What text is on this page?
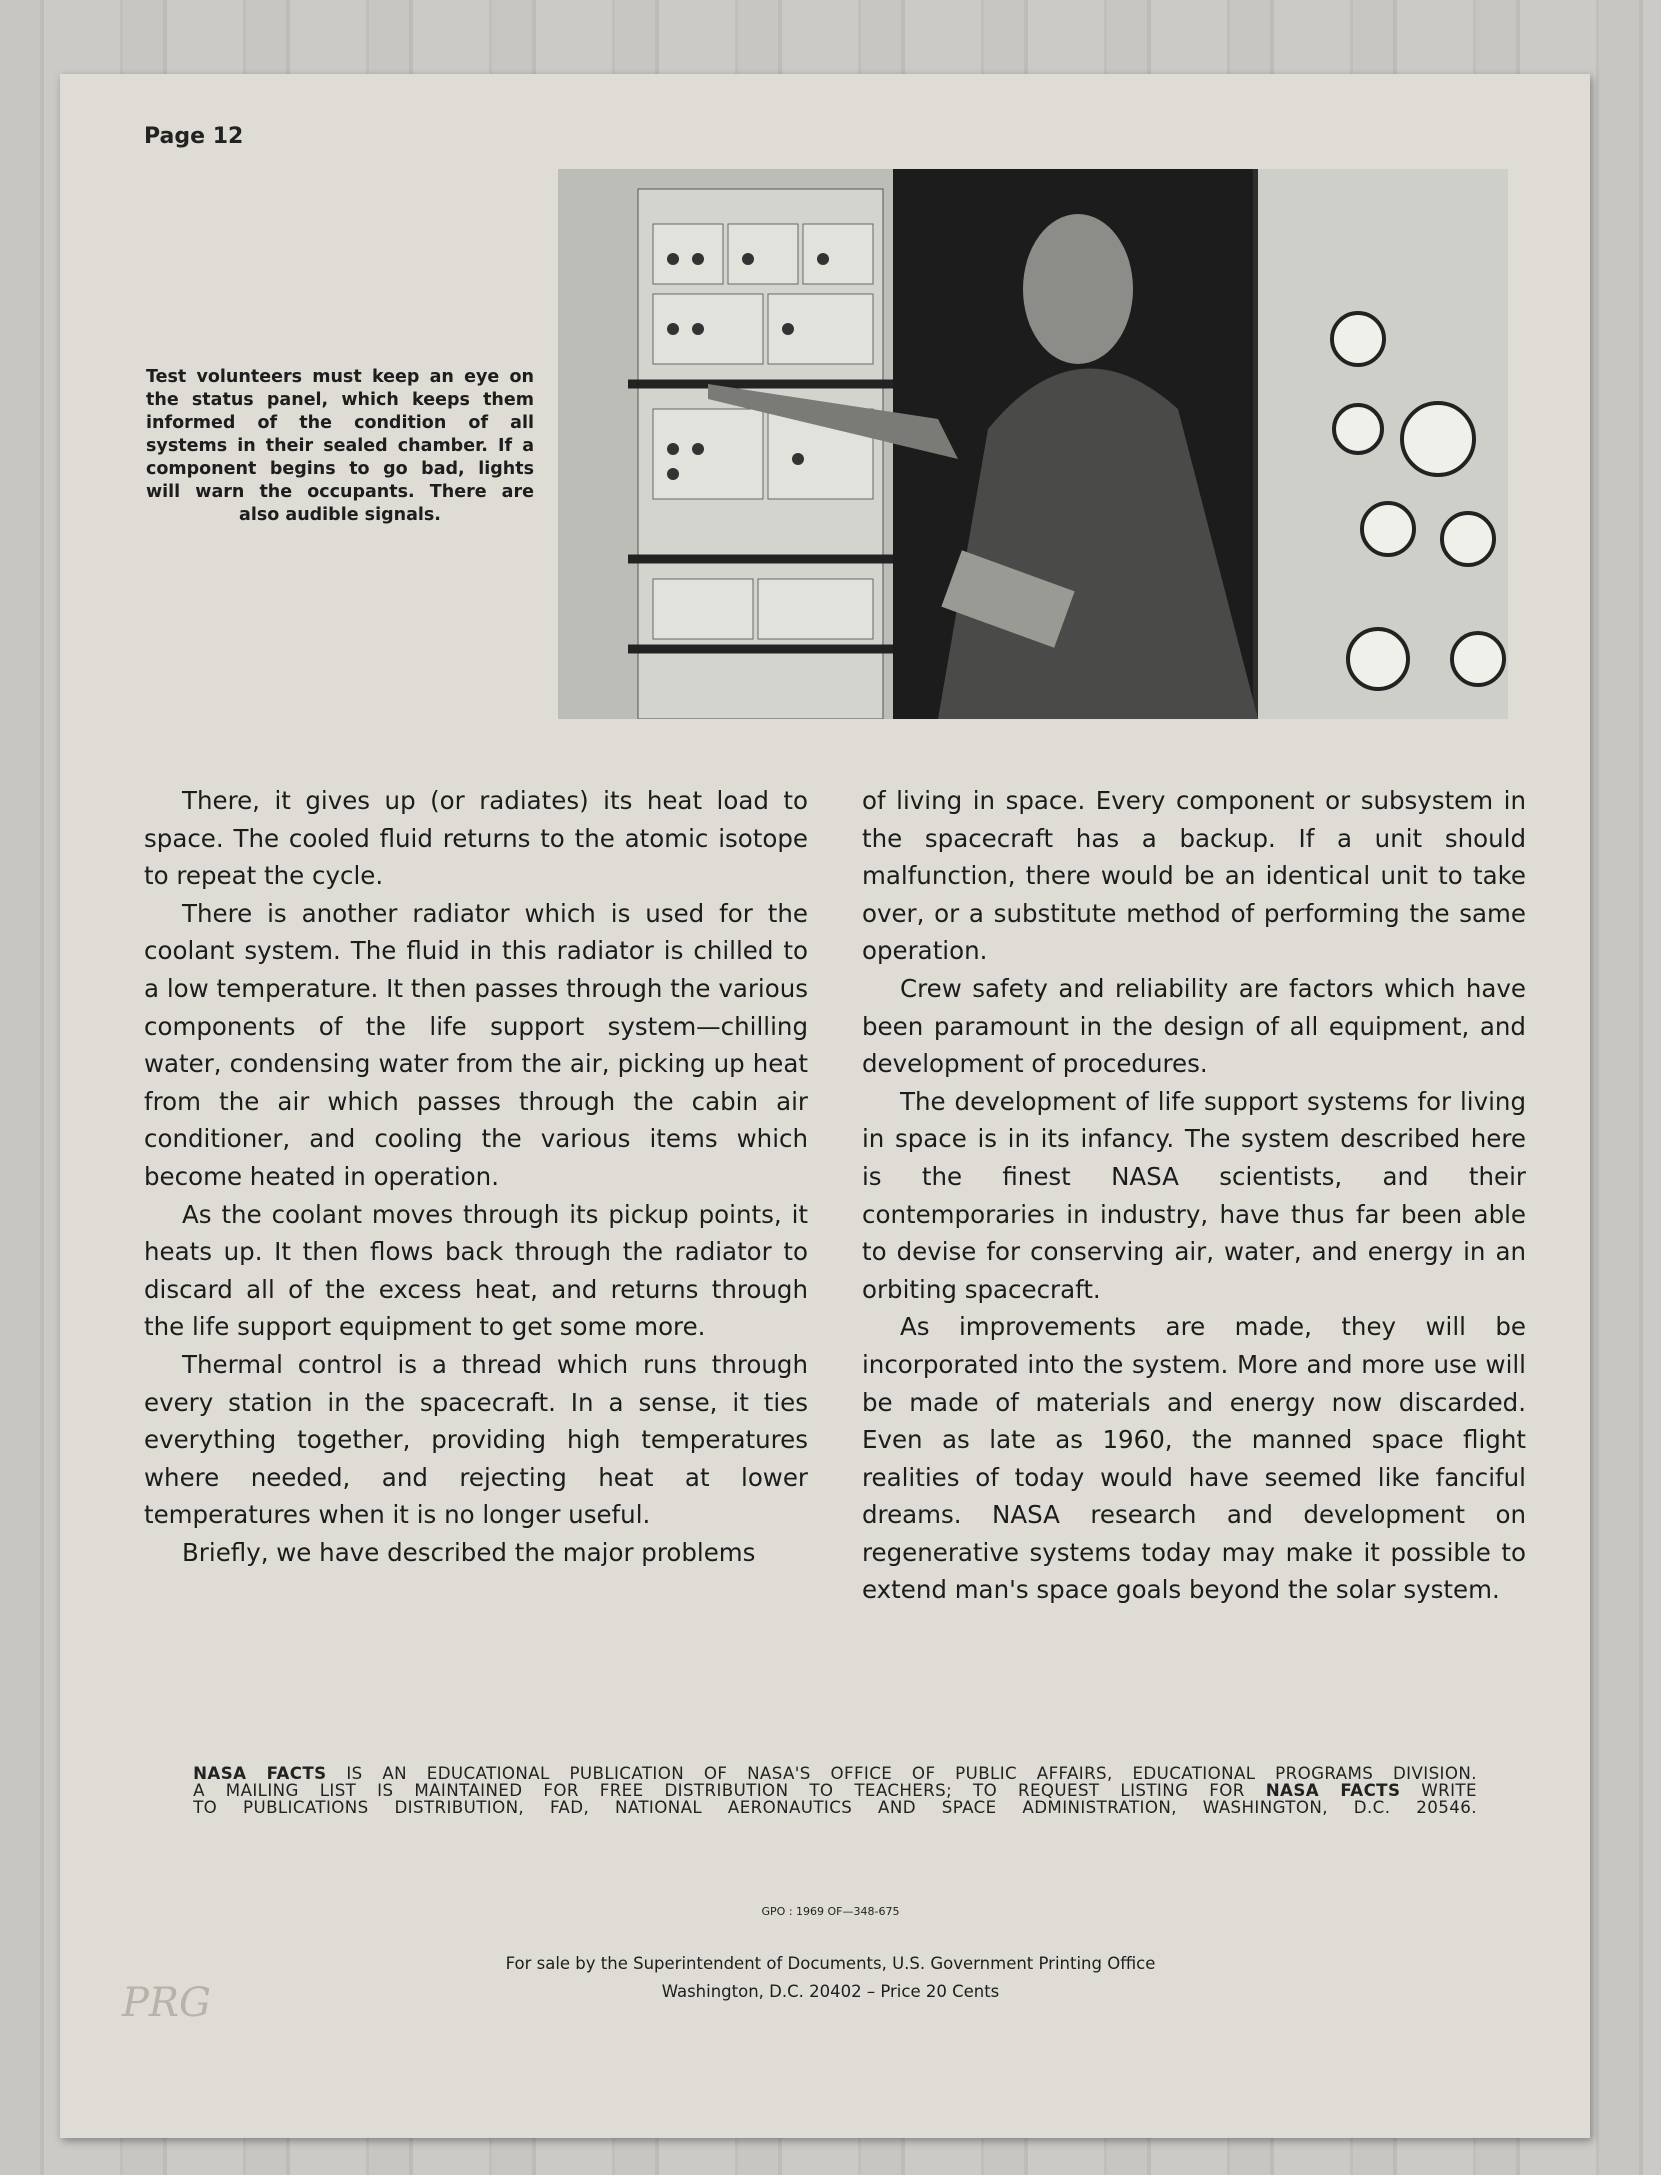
Page 12
Test volunteers must keep an eye on the status panel, which keeps them informed of the condition of all systems in their sealed chamber. If a component begins to go bad, lights will warn the occupants. There are also audible signals.

There, it gives up (or radiates) its heat load to space. The cooled fluid returns to the atomic isotope to repeat the cycle.

There is another radiator which is used for the coolant system. The fluid in this radiator is chilled to a low temperature. It then passes through the various components of the life support system—chilling water, condensing water from the air, picking up heat from the air which passes through the cabin air conditioner, and cooling the various items which become heated in operation.

As the coolant moves through its pickup points, it heats up. It then flows back through the radiator to discard all of the excess heat, and returns through the life support equipment to get some more.

Thermal control is a thread which runs through every station in the spacecraft. In a sense, it ties everything together, providing high temperatures where needed, and rejecting heat at lower temperatures when it is no longer useful.

Briefly, we have described the major problems

of living in space. Every component or subsystem in the spacecraft has a backup. If a unit should malfunction, there would be an identical unit to take over, or a substitute method of performing the same operation.

Crew safety and reliability are factors which have been paramount in the design of all equipment, and development of procedures.

The development of life support systems for living in space is in its infancy. The system described here is the finest NASA scientists, and their contemporaries in industry, have thus far been able to devise for conserving air, water, and energy in an orbiting spacecraft.

As improvements are made, they will be incorporated into the system. More and more use will be made of materials and energy now discarded. Even as late as 1960, the manned space flight realities of today would have seemed like fanciful dreams. NASA research and development on regenerative systems today may make it possible to extend man's space goals beyond the solar system.

NASA FACTS IS AN EDUCATIONAL PUBLICATION OF NASA'S OFFICE OF PUBLIC AFFAIRS, EDUCATIONAL PROGRAMS DIVISION.
A MAILING LIST IS MAINTAINED FOR FREE DISTRIBUTION TO TEACHERS; TO REQUEST LISTING FOR NASA FACTS WRITE
TO PUBLICATIONS DISTRIBUTION, FAD, NATIONAL AERONAUTICS AND SPACE ADMINISTRATION, WASHINGTON, D.C. 20546.
GPO : 1969 OF—348-675
For sale by the Superintendent of Documents, U.S. Government Printing Office
Washington, D.C. 20402 – Price 20 Cents
PRG
